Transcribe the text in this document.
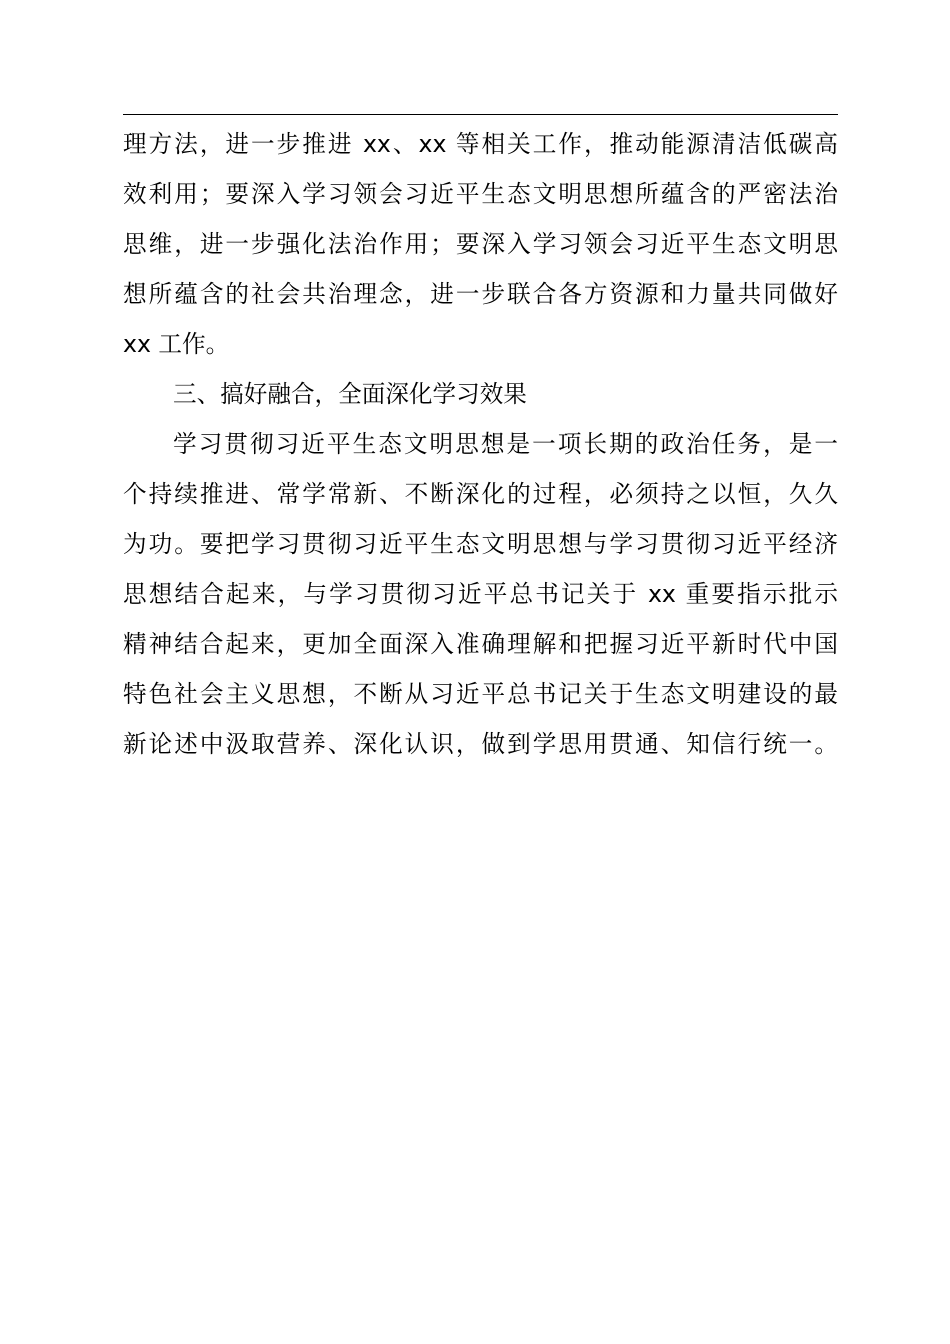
理方法，进一步推进 xx、xx 等相关工作，推动能源清洁低碳高
效利用；要深入学习领会习近平生态文明思想所蕴含的严密法治
思维，进一步强化法治作用；要深入学习领会习近平生态文明思
想所蕴含的社会共治理念，进一步联合各方资源和力量共同做好
xx 工作。
三、搞好融合，全面深化学习效果
学习贯彻习近平生态文明思想是一项长期的政治任务，是一
个持续推进、常学常新、不断深化的过程，必须持之以恒，久久
为功。要把学习贯彻习近平生态文明思想与学习贯彻习近平经济
思想结合起来，与学习贯彻习近平总书记关于 xx 重要指示批示
精神结合起来，更加全面深入准确理解和把握习近平新时代中国
特色社会主义思想，不断从习近平总书记关于生态文明建设的最
新论述中汲取营养、深化认识，做到学思用贯通、知信行统一。
